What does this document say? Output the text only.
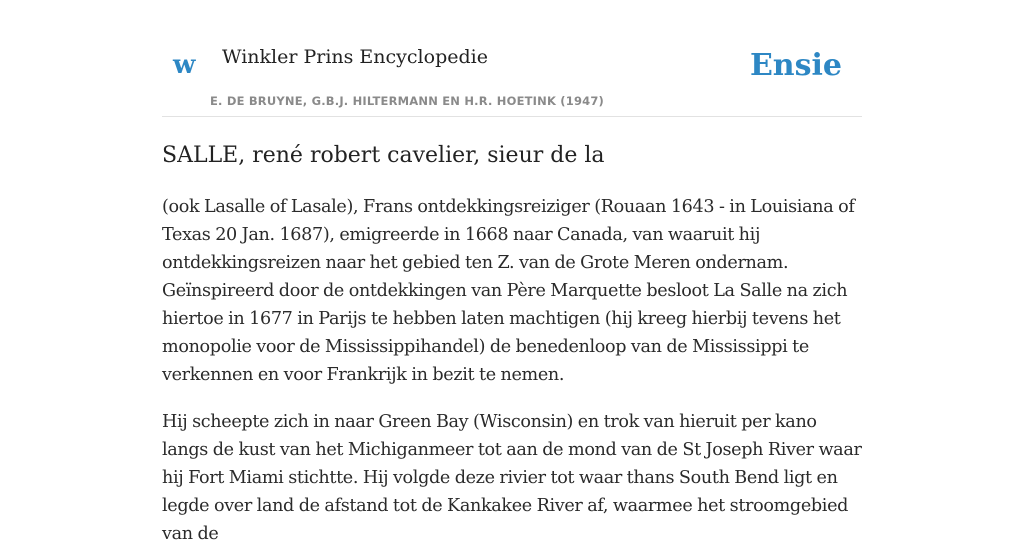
w Winkler Prins Encyclopedie
E. DE BRUYNE, G.B.J. HILTERMANN EN H.R. HOETINK (1947)
Ensie
SALLE, rené robert cavelier, sieur de la

(ook Lasalle of Lasale), Frans ontdekkingsreiziger (Rouaan 1643 - in Louisiana of Texas 20 Jan. 1687), emigreerde in 1668 naar Canada, van waaruit hij ontdekkingsreizen naar het gebied ten Z. van de Grote Meren ondernam. Geïnspireerd door de ontdekkingen van Père Marquette besloot La Salle na zich hiertoe in 1677 in Parijs te hebben laten machtigen (hij kreeg hierbij tevens het monopolie voor de Mississippihandel) de benedenloop van de Mississippi te verkennen en voor Frankrijk in bezit te nemen.

Hij scheepte zich in naar Green Bay (Wisconsin) en trok van hieruit per kano langs de kust van het Michiganmeer tot aan de mond van de St Joseph River waar hij Fort Miami stichtte. Hij volgde deze rivier tot waar thans South Bend ligt en legde over land de afstand tot de Kankakee River af, waarmee het stroomgebied van de
